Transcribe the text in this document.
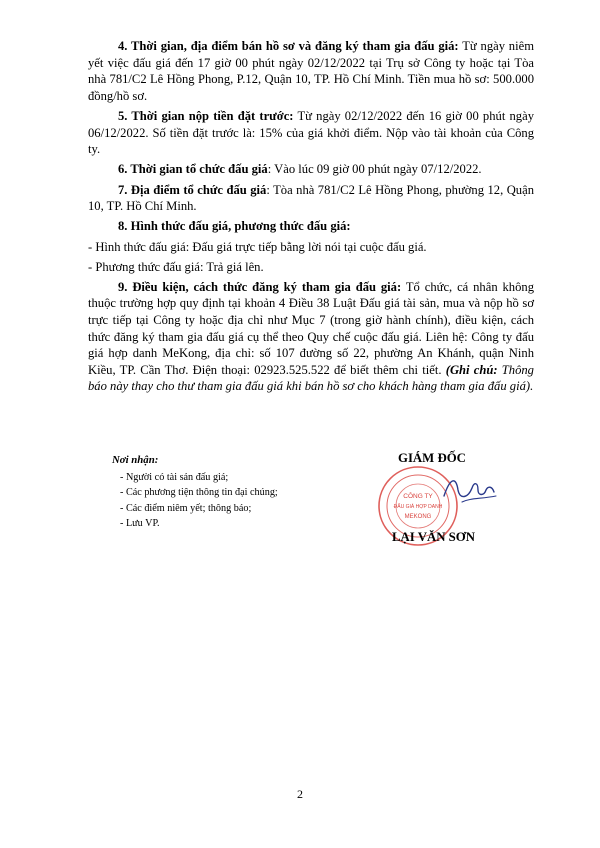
4. Thời gian, địa điểm bán hồ sơ và đăng ký tham gia đấu giá: Từ ngày niêm yết việc đấu giá đến 17 giờ 00 phút ngày 02/12/2022 tại Trụ sở Công ty hoặc tại Tòa nhà 781/C2 Lê Hồng Phong, P.12, Quận 10, TP. Hồ Chí Minh. Tiền mua hồ sơ: 500.000 đồng/hồ sơ.

5. Thời gian nộp tiền đặt trước: Từ ngày 02/12/2022 đến 16 giờ 00 phút ngày 06/12/2022. Số tiền đặt trước là: 15% của giá khởi điểm. Nộp vào tài khoản của Công ty.

6. Thời gian tổ chức đấu giá: Vào lúc 09 giờ 00 phút ngày 07/12/2022.

7. Địa điểm tổ chức đấu giá: Tòa nhà 781/C2 Lê Hồng Phong, phường 12, Quận 10, TP. Hồ Chí Minh.

8. Hình thức đấu giá, phương thức đấu giá:

- Hình thức đấu giá: Đấu giá trực tiếp bằng lời nói tại cuộc đấu giá.

- Phương thức đấu giá: Trả giá lên.

9. Điều kiện, cách thức đăng ký tham gia đấu giá: Tổ chức, cá nhân không thuộc trường hợp quy định tại khoản 4 Điều 38 Luật Đấu giá tài sản, mua và nộp hồ sơ trực tiếp tại Công ty hoặc địa chỉ như Mục 7 (trong giờ hành chính), điều kiện, cách thức đăng ký tham gia đấu giá cụ thể theo Quy chế cuộc đấu giá. Liên hệ: Công ty đấu giá hợp danh MeKong, địa chỉ: số 107 đường số 22, phường An Khánh, quận Ninh Kiều, TP. Cần Thơ. Điện thoại: 02923.525.522 để biết thêm chi tiết. (Ghi chú: Thông báo này thay cho thư tham gia đấu giá khi bán hồ sơ cho khách hàng tham gia đấu giá).

Nơi nhận:
- Người có tài sản đấu giá;
- Các phương tiện thông tin đại chúng;
- Các điểm niêm yết; thông báo;
- Lưu VP.
GIÁM ĐỐC
CÔNG TY
ĐẤU GIÁ HỢP DANH
MEKONG
LẠI VĂN SƠN
2
